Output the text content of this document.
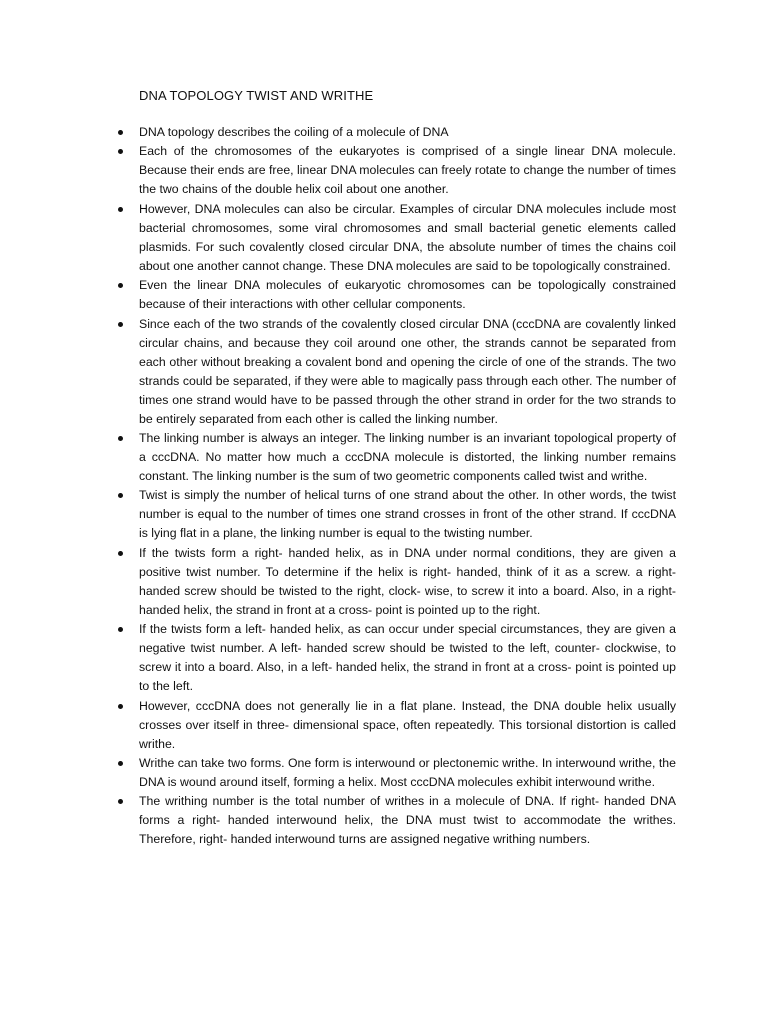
DNA TOPOLOGY TWIST AND WRITHE
DNA topology describes the coiling of a molecule of DNA
Each of the chromosomes of the eukaryotes is comprised of a single linear DNA molecule. Because their ends are free, linear DNA molecules can freely rotate to change the number of times the two chains of the double helix coil about one another.
However, DNA molecules can also be circular. Examples of circular DNA molecules include most bacterial chromosomes, some viral chromosomes and small bacterial genetic elements called plasmids. For such covalently closed circular DNA, the absolute number of times the chains coil about one another cannot change. These DNA molecules are said to be topologically constrained.
Even the linear DNA molecules of eukaryotic chromosomes can be topologically constrained because of their interactions with other cellular components.
Since each of the two strands of the covalently closed circular DNA (cccDNA are covalently linked circular chains, and because they coil around one other, the strands cannot be separated from each other without breaking a covalent bond and opening the circle of one of the strands. The two strands could be separated, if they were able to magically pass through each other. The number of times one strand would have to be passed through the other strand in order for the two strands to be entirely separated from each other is called the linking number.
The linking number is always an integer. The linking number is an invariant topological property of a cccDNA. No matter how much a cccDNA molecule is distorted, the linking number remains constant. The linking number is the sum of two geometric components called twist and writhe.
Twist is simply the number of helical turns of one strand about the other. In other words, the twist number is equal to the number of times one strand crosses in front of the other strand. If cccDNA is lying flat in a plane, the linking number is equal to the twisting number.
If the twists form a right- handed helix, as in DNA under normal conditions, they are given a positive twist number. To determine if the helix is right- handed, think of it as a screw. a right- handed screw should be twisted to the right, clock- wise, to screw it into a board. Also, in a right- handed helix, the strand in front at a cross- point is pointed up to the right.
If the twists form a left- handed helix, as can occur under special circumstances, they are given a negative twist number. A left- handed screw should be twisted to the left, counter- clockwise, to screw it into a board. Also, in a left- handed helix, the strand in front at a cross- point is pointed up to the left.
However, cccDNA does not generally lie in a flat plane. Instead, the DNA double helix usually crosses over itself in three- dimensional space, often repeatedly. This torsional distortion is called writhe.
Writhe can take two forms. One form is interwound or plectonemic writhe. In interwound writhe, the DNA is wound around itself, forming a helix. Most cccDNA molecules exhibit interwound writhe.
The writhing number is the total number of writhes in a molecule of DNA. If right- handed DNA forms a right- handed interwound helix, the DNA must twist to accommodate the writhes. Therefore, right- handed interwound turns are assigned negative writhing numbers.
